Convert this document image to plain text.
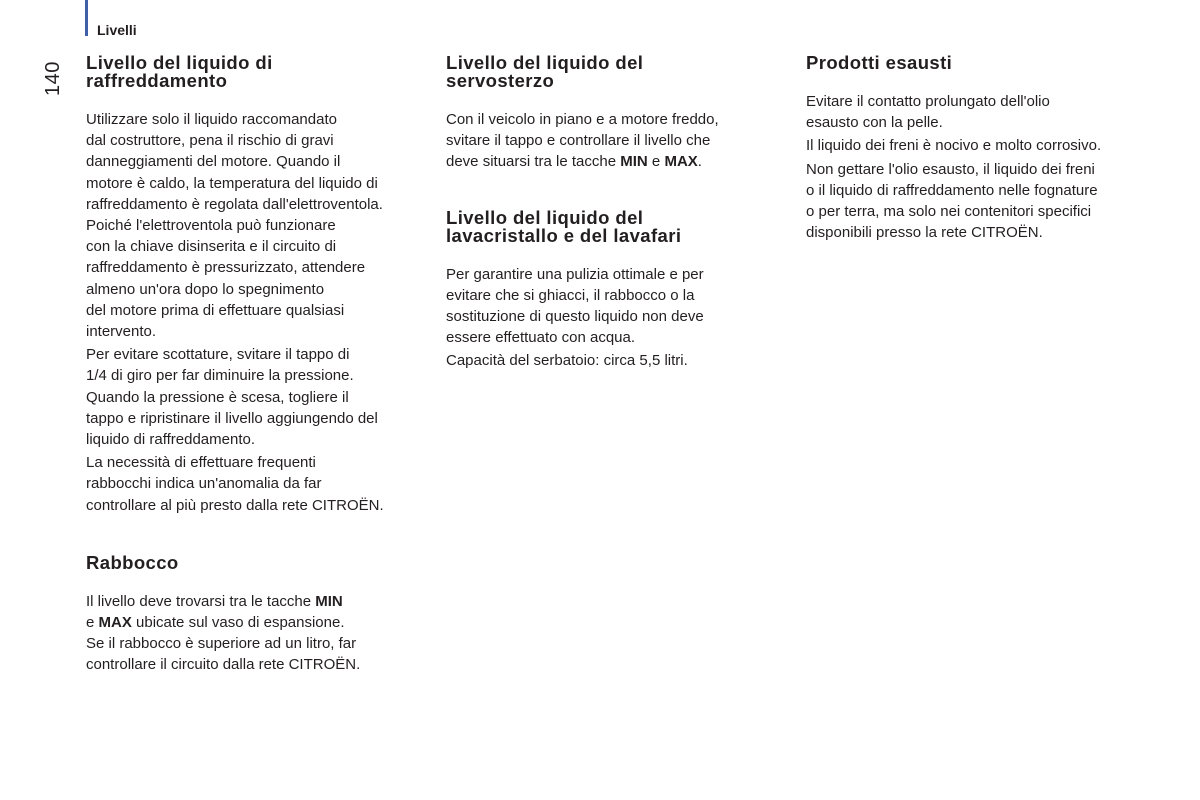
Livelli
140 Livello del liquido di
raffreddamento

Utilizzare solo il liquido raccomandato
dal costruttore, pena il rischio di gravi
danneggiamenti del motore. Quando il
motore è caldo, la temperatura del liquido di
raffreddamento è regolata dall'elettroventola.
Poiché l'elettroventola può funzionare
con la chiave disinserita e il circuito di
raffreddamento è pressurizzato, attendere
almeno un'ora dopo lo spegnimento
del motore prima di effettuare qualsiasi
intervento.

Per evitare scottature, svitare il tappo di
1/4 di giro per far diminuire la pressione.
Quando la pressione è scesa, togliere il
tappo e ripristinare il livello aggiungendo del
liquido di raffreddamento.

La necessità di effettuare frequenti
rabbocchi indica un'anomalia da far
controllare al più presto dalla rete CITROËN.

Rabbocco

Il livello deve trovarsi tra le tacche MIN
e MAX ubicate sul vaso di espansione.
Se il rabbocco è superiore ad un litro, far
controllare il circuito dalla rete CITROËN.

Livello del liquido del
servosterzo

Con il veicolo in piano e a motore freddo,
svitare il tappo e controllare il livello che
deve situarsi tra le tacche MIN e MAX.

Livello del liquido del
lavacristallo e del lavafari

Per garantire una pulizia ottimale e per
evitare che si ghiacci, il rabbocco o la
sostituzione di questo liquido non deve
essere effettuato con acqua.

Capacità del serbatoio: circa 5,5 litri.

Prodotti esausti

Evitare il contatto prolungato dell'olio
esausto con la pelle.

Il liquido dei freni è nocivo e molto corrosivo.

Non gettare l'olio esausto, il liquido dei freni
o il liquido di raffreddamento nelle fognature
o per terra, ma solo nei contenitori specifici
disponibili presso la rete CITROËN.
